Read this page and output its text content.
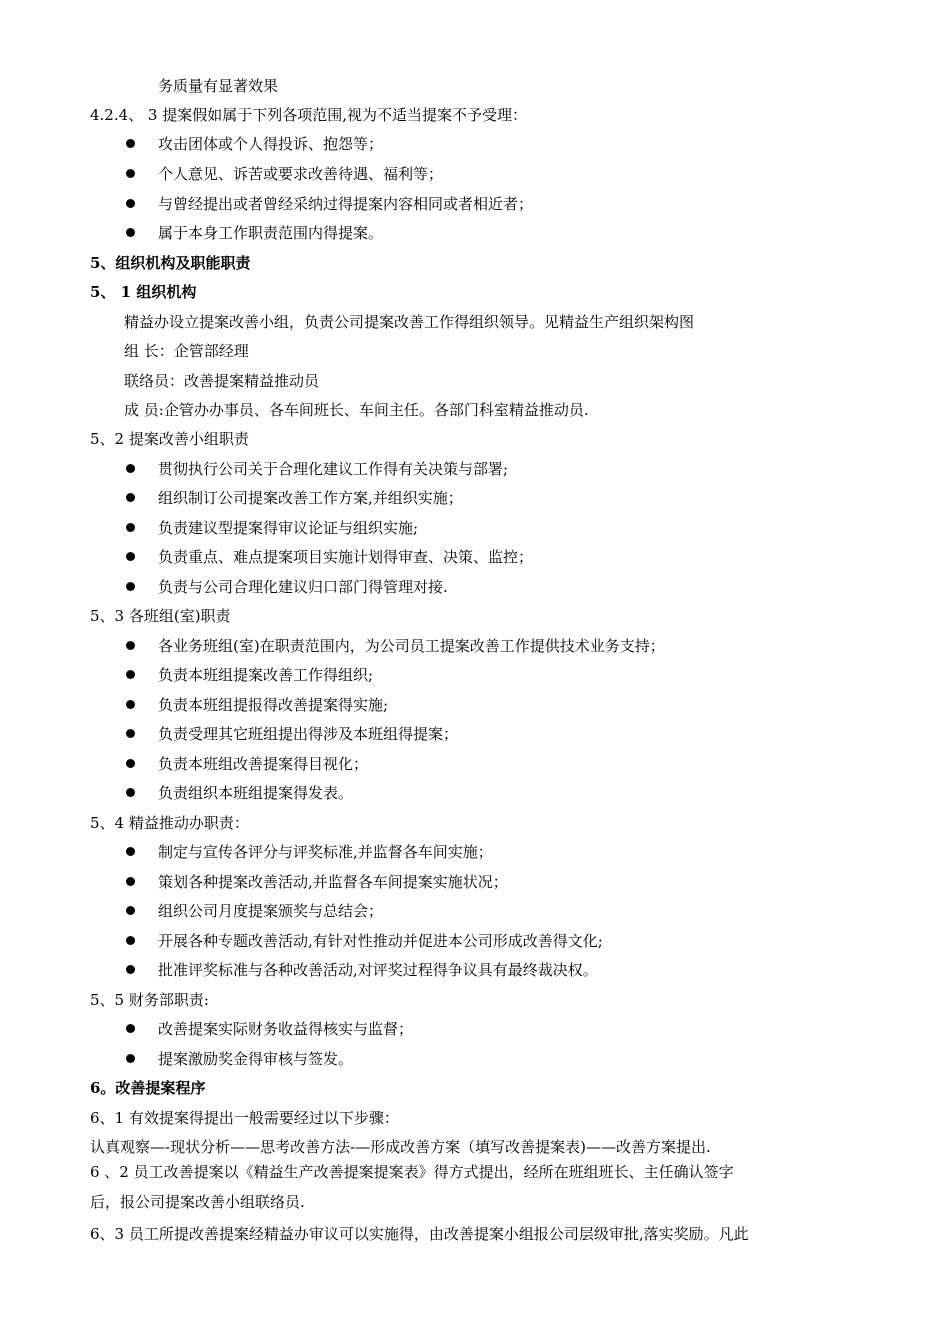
务质量有显著效果
4.2.4、 3 提案假如属于下列各项范围,视为不适当提案不予受理：
攻击团体或个人得投诉、抱怨等；
个人意见、诉苦或要求改善待遇、福利等；
与曾经提出或者曾经采纳过得提案内容相同或者相近者；
属于本身工作职责范围内得提案。
5、组织机构及职能职责
5、 1 组织机构
精益办设立提案改善小组，负责公司提案改善工作得组织领导。见精益生产组织架构图
组 长：企管部经理
联络员：改善提案精益推动员
成 员:企管办办事员、各车间班长、车间主任。各部门科室精益推动员.
5、2 提案改善小组职责
贯彻执行公司关于合理化建议工作得有关决策与部署;
组织制订公司提案改善工作方案,并组织实施；
负责建议型提案得审议论证与组织实施;
负责重点、难点提案项目实施计划得审查、决策、监控；
负责与公司合理化建议归口部门得管理对接.
5、3 各班组(室)职责
各业务班组(室)在职责范围内，为公司员工提案改善工作提供技术业务支持；
负责本班组提案改善工作得组织;
负责本班组提报得改善提案得实施;
负责受理其它班组提出得涉及本班组得提案；
负责本班组改善提案得目视化；
负责组织本班组提案得发表。
5、4 精益推动办职责：
制定与宣传各评分与评奖标准,并监督各车间实施；
策划各种提案改善活动,并监督各车间提案实施状况；
组织公司月度提案颁奖与总结会；
开展各种专题改善活动,有针对性推动并促进本公司形成改善得文化;
批准评奖标准与各种改善活动,对评奖过程得争议具有最终裁决权。
5、5 财务部职责:
改善提案实际财务收益得核实与监督；
提案激励奖金得审核与签发。
6。改善提案程序
6、1 有效提案得提出一般需要经过以下步骤：
认真观察—-现状分析——思考改善方法-—形成改善方案（填写改善提案表)——改善方案提出.
6 、2 员工改善提案以《精益生产改善提案提案表》得方式提出，经所在班组班长、主任确认签字
后，报公司提案改善小组联络员.
6、3 员工所提改善提案经精益办审议可以实施得，由改善提案小组报公司层级审批,落实奖励。凡此
